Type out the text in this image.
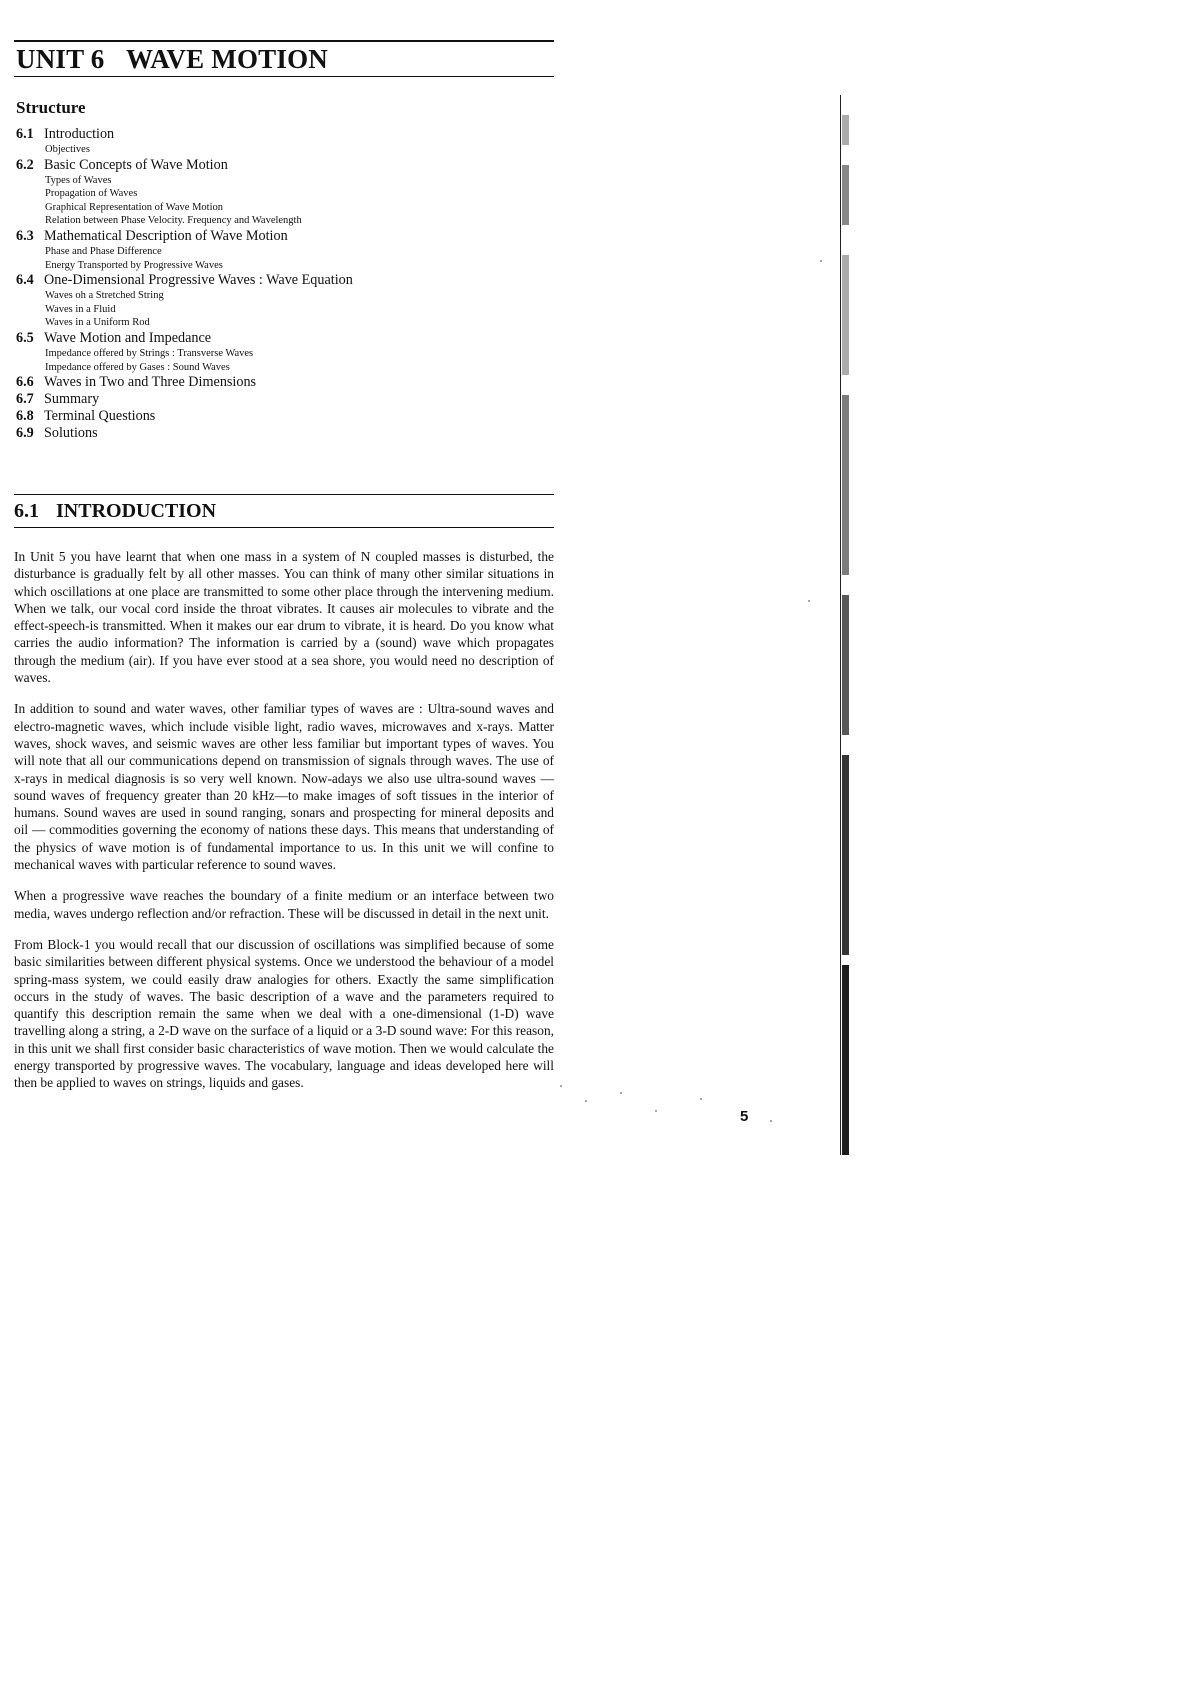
UNIT 6 WAVE MOTION
Structure
6.1 Introduction
Objectives
6.2 Basic Concepts of Wave Motion
Types of Waves
Propagation of Waves
Graphical Representation of Wave Motion
Relation between Phase Velocity. Frequency and Wavelength
6.3 Mathematical Description of Wave Motion
Phase and Phase Difference
Energy Transported by Progressive Waves
6.4 One-Dimensional Progressive Waves : Wave Equation
Waves oh a Stretched String
Waves in a Fluid
Waves in a Uniform Rod
6.5 Wave Motion and Impedance
Impedance offered by Strings : Transverse Waves
Impedance offered by Gases : Sound Waves
6.6 Waves in Two and Three Dimensions
6.7 Summary
6.8 Terminal Questions
6.9 Solutions
6.1 INTRODUCTION

In Unit 5 you have learnt that when one mass in a system of N coupled masses is disturbed, the disturbance is gradually felt by all other masses. You can think of many other similar situations in which oscillations at one place are transmitted to some other place through the intervening medium. When we talk, our vocal cord inside the throat vibrates. It causes air molecules to vibrate and the effect-speech-is transmitted. When it makes our ear drum to vibrate, it is heard. Do you know what carries the audio information? The information is carried by a (sound) wave which propagates through the medium (air). If you have ever stood at a sea shore, you would need no description of waves.

In addition to sound and water waves, other familiar types of waves are : Ultra-sound waves and electro-magnetic waves, which include visible light, radio waves, microwaves and x-rays. Matter waves, shock waves, and seismic waves are other less familiar but important types of waves. You will note that all our communications depend on transmission of signals through waves. The use of x-rays in medical diagnosis is so very well known. Now-adays we also use ultra-sound waves — sound waves of frequency greater than 20 kHz—to make images of soft tissues in the interior of humans. Sound waves are used in sound ranging, sonars and prospecting for mineral deposits and oil — commodities governing the economy of nations these days. This means that understanding of the physics of wave motion is of fundamental importance to us. In this unit we will confine to mechanical waves with particular reference to sound waves.

When a progressive wave reaches the boundary of a finite medium or an interface between two media, waves undergo reflection and/or refraction. These will be discussed in detail in the next unit.

From Block-1 you would recall that our discussion of oscillations was simplified because of some basic similarities between different physical systems. Once we understood the behaviour of a model spring-mass system, we could easily draw analogies for others. Exactly the same simplification occurs in the study of waves. The basic description of a wave and the parameters required to quantify this description remain the same when we deal with a one-dimensional (1-D) wave travelling along a string, a 2-D wave on the surface of a liquid or a 3-D sound wave: For this reason, in this unit we shall first consider basic characteristics of wave motion. Then we would calculate the energy transported by progressive waves. The vocabulary, language and ideas developed here will then be applied to waves on strings, liquids and gases.

5
